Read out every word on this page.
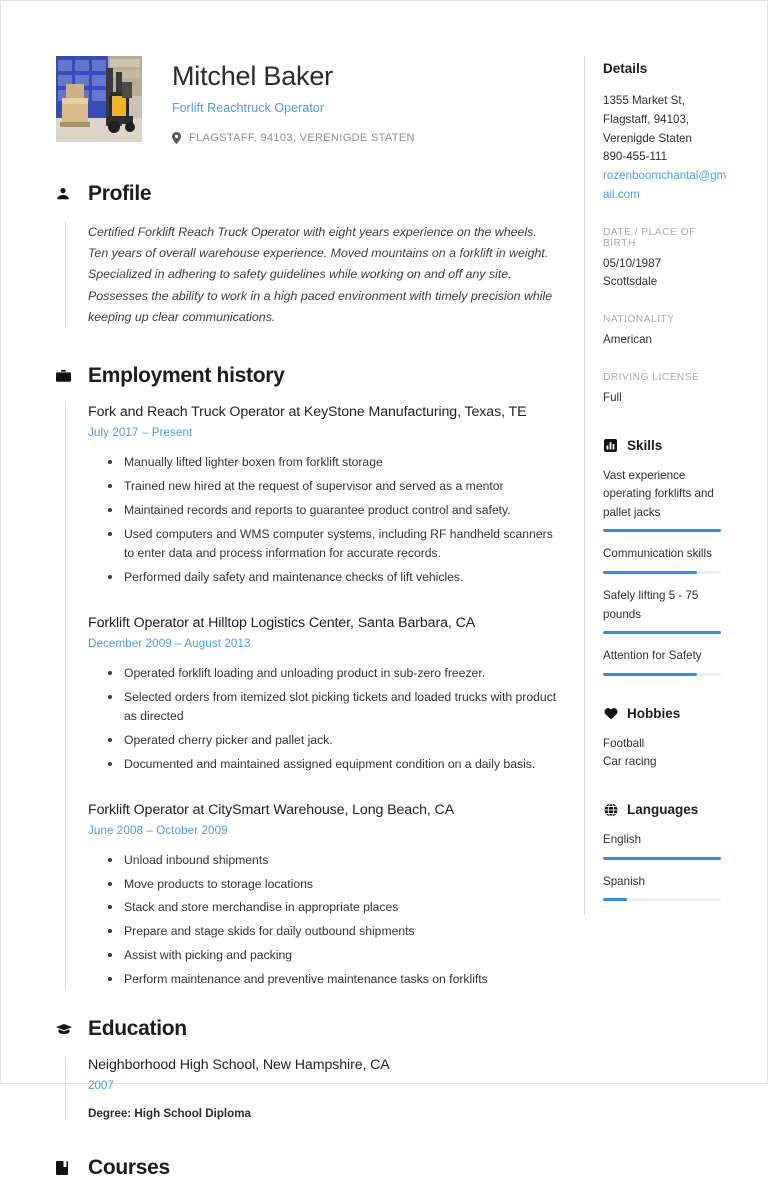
Mitchel Baker
Forlift Reachtruck Operator
FLAGSTAFF, 94103, VERENIGDE STATEN
Profile
Certified Forklift Reach Truck Operator with eight years experience on the wheels. Ten years of overall warehouse experience. Moved mountains on a forklift in weight. Specialized in adhering to safety guidelines while working on and off any site. Possesses the ability to work in a high paced environment with timely precision while keeping up clear communications.
Employment history
Fork and Reach Truck Operator at KeyStone Manufacturing, Texas, TE
July 2017 – Present
Manually lifted lighter boxen from forklift storage
Trained new hired at the request of supervisor and served as a mentor
Maintained records and reports to guarantee product control and safety.
Used computers and WMS computer systems, including RF handheld scanners to enter data and process information for accurate records.
Performed daily safety and maintenance checks of lift vehicles.
Forklift Operator at Hilltop Logistics Center, Santa Barbara, CA
December 2009 – August 2013
Operated forklift loading and unloading product in sub-zero freezer.
Selected orders from itemized slot picking tickets and loaded trucks with product as directed
Operated cherry picker and pallet jack.
Documented and maintained assigned equipment condition on a daily basis.
Forklift Operator at CitySmart Warehouse, Long Beach, CA
June 2008 – October 2009
Unload inbound shipments
Move products to storage locations
Stack and store merchandise in appropriate places
Prepare and stage skids for daily outbound shipments
Assist with picking and packing
Perform maintenance and preventive maintenance tasks on forklifts
Education
Neighborhood High School, New Hampshire, CA
2007
Degree: High School Diploma
Courses
Details
1355 Market St,
Flagstaff, 94103,
Verenigde Staten
890-455-111
rozenboomchantal@gmail.com
DATE / PLACE OF BIRTH
05/10/1987
Scottsdale
NATIONALITY
American
DRIVING LICENSE
Full
Skills
Vast experience operating forklifts and pallet jacks
Communication skills
Safely lifting 5 - 75 pounds
Attention for Safety
Hobbies
Football
Car racing
Languages
English
Spanish
